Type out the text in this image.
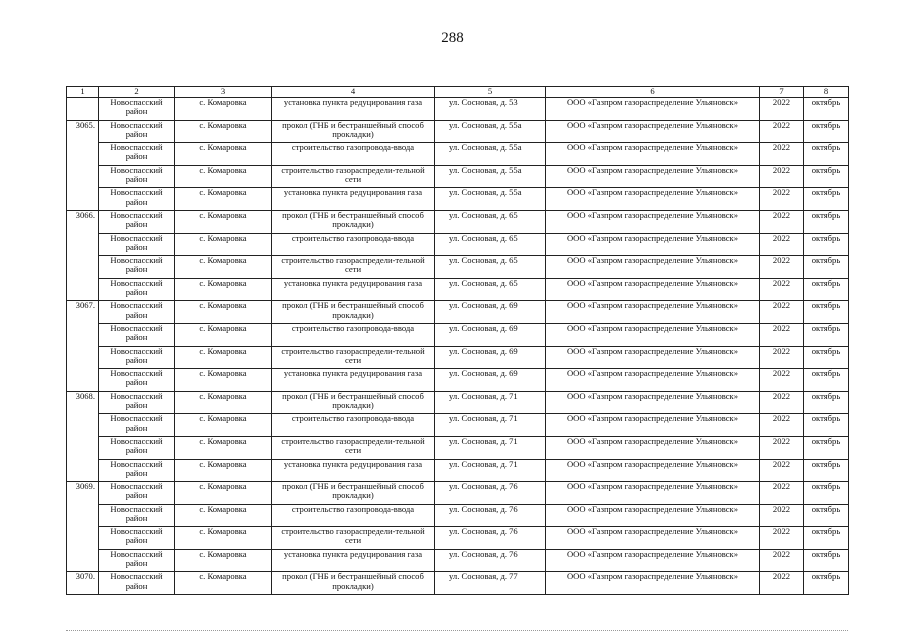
288
1	2	3	4	5	6	7	8
	Новоспасский район	с. Комаровка	установка пункта редуцирования газа	ул. Сосновая, д. 53	ООО «Газпром газораспределение Ульяновск»	2022	октябрь
3065.	Новоспасский район	с. Комаровка	прокол (ГНБ и бестраншейный способ прокладки)	ул. Сосновая, д. 55а	ООО «Газпром газораспределение Ульяновск»	2022	октябрь
	Новоспасский район	с. Комаровка	строительство газопровода-ввода	ул. Сосновая, д. 55а	ООО «Газпром газораспределение Ульяновск»	2022	октябрь
	Новоспасский район	с. Комаровка	строительство газораспредели-тельной сети	ул. Сосновая, д. 55а	ООО «Газпром газораспределение Ульяновск»	2022	октябрь
	Новоспасский район	с. Комаровка	установка пункта редуцирования газа	ул. Сосновая, д. 55а	ООО «Газпром газораспределение Ульяновск»	2022	октябрь
3066.	Новоспасский район	с. Комаровка	прокол (ГНБ и бестраншейный способ прокладки)	ул. Сосновая, д. 65	ООО «Газпром газораспределение Ульяновск»	2022	октябрь
	Новоспасский район	с. Комаровка	строительство газопровода-ввода	ул. Сосновая, д. 65	ООО «Газпром газораспределение Ульяновск»	2022	октябрь
	Новоспасский район	с. Комаровка	строительство газораспредели-тельной сети	ул. Сосновая, д. 65	ООО «Газпром газораспределение Ульяновск»	2022	октябрь
	Новоспасский район	с. Комаровка	установка пункта редуцирования газа	ул. Сосновая, д. 65	ООО «Газпром газораспределение Ульяновск»	2022	октябрь
3067.	Новоспасский район	с. Комаровка	прокол (ГНБ и бестраншейный способ прокладки)	ул. Сосновая, д. 69	ООО «Газпром газораспределение Ульяновск»	2022	октябрь
	Новоспасский район	с. Комаровка	строительство газопровода-ввода	ул. Сосновая, д. 69	ООО «Газпром газораспределение Ульяновск»	2022	октябрь
	Новоспасский район	с. Комаровка	строительство газораспредели-тельной сети	ул. Сосновая, д. 69	ООО «Газпром газораспределение Ульяновск»	2022	октябрь
	Новоспасский район	с. Комаровка	установка пункта редуцирования газа	ул. Сосновая, д. 69	ООО «Газпром газораспределение Ульяновск»	2022	октябрь
3068.	Новоспасский район	с. Комаровка	прокол (ГНБ и бестраншейный способ прокладки)	ул. Сосновая, д. 71	ООО «Газпром газораспределение Ульяновск»	2022	октябрь
	Новоспасский район	с. Комаровка	строительство газопровода-ввода	ул. Сосновая, д. 71	ООО «Газпром газораспределение Ульяновск»	2022	октябрь
	Новоспасский район	с. Комаровка	строительство газораспредели-тельной сети	ул. Сосновая, д. 71	ООО «Газпром газораспределение Ульяновск»	2022	октябрь
	Новоспасский район	с. Комаровка	установка пункта редуцирования газа	ул. Сосновая, д. 71	ООО «Газпром газораспределение Ульяновск»	2022	октябрь
3069.	Новоспасский район	с. Комаровка	прокол (ГНБ и бестраншейный способ прокладки)	ул. Сосновая, д. 76	ООО «Газпром газораспределение Ульяновск»	2022	октябрь
	Новоспасский район	с. Комаровка	строительство газопровода-ввода	ул. Сосновая, д. 76	ООО «Газпром газораспределение Ульяновск»	2022	октябрь
	Новоспасский район	с. Комаровка	строительство газораспредели-тельной сети	ул. Сосновая, д. 76	ООО «Газпром газораспределение Ульяновск»	2022	октябрь
	Новоспасский район	с. Комаровка	установка пункта редуцирования газа	ул. Сосновая, д. 76	ООО «Газпром газораспределение Ульяновск»	2022	октябрь
3070.	Новоспасский район	с. Комаровка	прокол (ГНБ и бестраншейный способ прокладки)	ул. Сосновая, д. 77	ООО «Газпром газораспределение Ульяновск»	2022	октябрь
